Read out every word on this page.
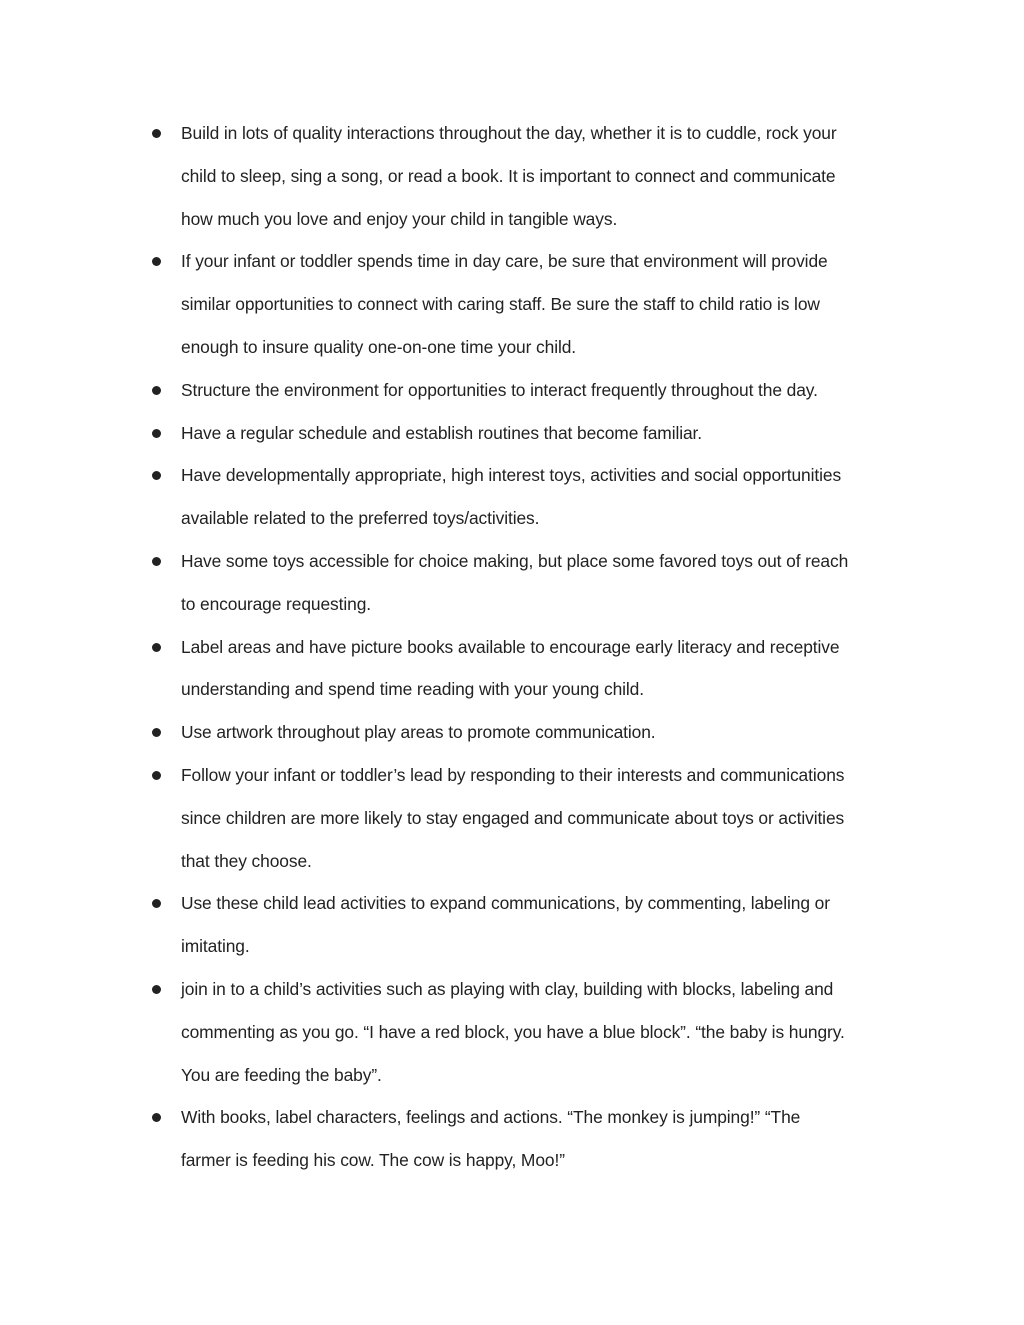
Build in lots of quality interactions throughout the day, whether it is to cuddle, rock your
child to sleep, sing a song, or read a book. It is important to connect and communicate
how much you love and enjoy your child in tangible ways.
If your infant or toddler spends time in day care, be sure that environment will provide
similar opportunities to connect with caring staff. Be sure the staff to child ratio is low
enough to insure quality one-on-one time your child.
Structure the environment for opportunities to interact frequently throughout the day.
Have a regular schedule and establish routines that become familiar.
Have developmentally appropriate, high interest toys, activities and social opportunities
available related to the preferred toys/activities.
Have some toys accessible for choice making, but place some favored toys out of reach
to encourage requesting.
Label areas and have picture books available to encourage early literacy and receptive
understanding and spend time reading with your young child.
Use artwork throughout play areas to promote communication.
Follow your infant or toddler’s lead by responding to their interests and communications
since children are more likely to stay engaged and communicate about toys or activities
that they choose.
Use these child lead activities to expand communications, by commenting, labeling or
imitating.
join in to a child’s activities such as playing with clay, building with blocks, labeling and
commenting as you go. “I have a red block, you have a blue block”. “the baby is hungry.
You are feeding the baby”.
With books, label characters, feelings and actions. “The monkey is jumping!” “The
farmer is feeding his cow. The cow is happy, Moo!”
